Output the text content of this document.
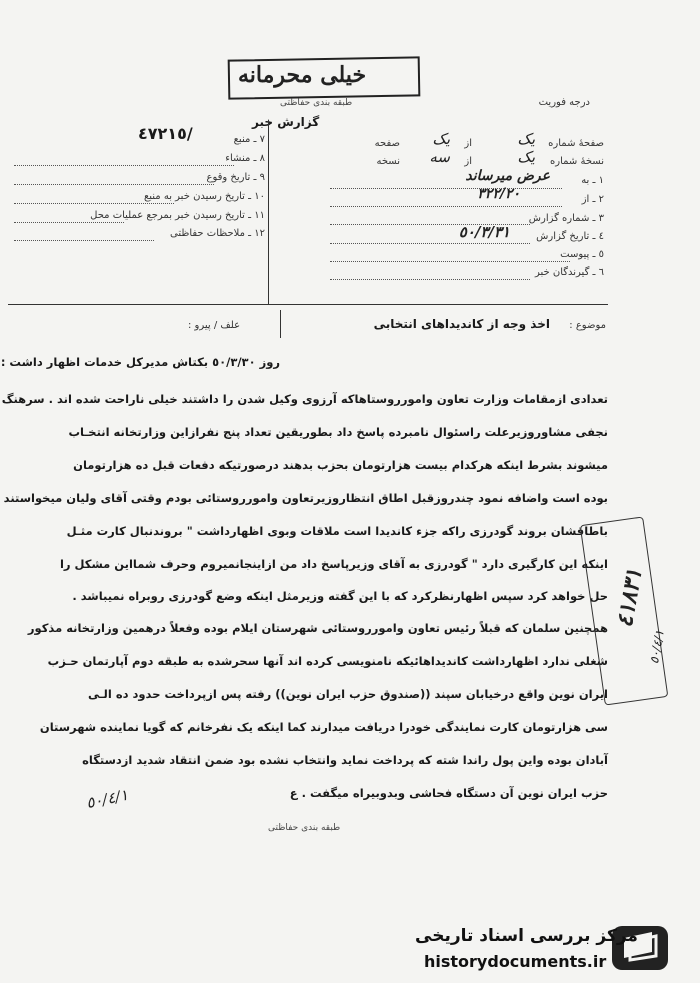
خیلی محرمانه
طبقه بندی حفاظتی	درجه فوریت
گزارش خبر
صفحهٔ شماره
یک
از
یک
صفحه
نسخهٔ شماره
یک
از
سه
نسخه
١ ـ به
عرض میرساند
٢ ـ از
٣٢٢/٢٠
٣ ـ شماره گزارش
٤ ـ تاریخ گزارش
٥٠/٣/٣١
٥ ـ پیوست
٦ ـ گیرندگان خبر
٧ ـ منبع
٤٧٢١٥/
٨ ـ منشاء
٩ ـ تاریخ وقوع
١٠ ـ تاریخ رسیدن خبر به منبع
١١ ـ تاریخ رسیدن خبر بمرجع عملیات محل
١٢ ـ ملاحظات حفاظتی
موضوع :
اخذ وجه از کاندیداهای انتخابی
علف / پیرو :
روز ٥٠/٣/٣٠ بکتاش مدیرکل خدمات اظهار داشت :
تعدادی ازمقامات وزارت تعاون وامورروستاهاکه آرزوی وکیل شدن را داشتند خیلی ناراحت شده اند . سرهنگ
نجفی مشاوروزیرعلت راسئوال نامبرده پاسخ داد بطوریقین تعداد پنج نفرازاین وزارتخانه انتخـاب
میشوند بشرط اینکه هرکدام بیست هزارتومان بحزب بدهند درصورتیکه دفعات قبل ده هزارتومان
بوده است واضافه نمود چندروزقبل اطاق انتظاروزیرتعاون وامورروستائی بودم وقتی آقای ولیان میخواستند
باطاقشان بروند گودرزی راکه جزء کاندیدا است ملاقات وبوی اظهارداشت " بروندنبال کارت مثـل
اینکه این کارگیری دارد " گودرزی به آقای وزیرپاسخ داد من ازاینجانمیروم وحرف شمااین مشکل را
حل خواهد کرد سپس اظهارنظرکرد که با این گفته وزیرمثل اینکه وضع گودرزی روبراه نمیباشد .
همچنین سلمان که قبلاً رئیس تعاون وامورروستائی شهرستان ایلام بوده وفعلاً درهمین وزارتخانه مذکور
شغلی ندارد اظهارداشت کاندیداهائیکه نامنویسی کرده اند آنها سحرشده به طبقه دوم آپارتمان حـزب
ایران نوین واقع درخیابان سپند ((صندوق حزب ایران نوین)) رفته پس ازپرداخت حدود ده الـی
سی هزارتومان کارت نمایندگی خودرا دریافت میدارند کما اینکه یک نفرخانم که گویا نماینده شهرستان
آبادان بوده واین پول راندا شته که پرداخت نماید وانتخاب نشده بود ضمن انتقاد شدید ازدستگاه
حزب ایران نوین آن دستگاه فحاشی وبدوبیراه میگفت . ع
٤١٨٣١
٥٠/٤/١
٥٠/٤/١
طبقه بندی حفاظتی
مرکز بررسی اسناد تاریخی
historydocuments.ir
